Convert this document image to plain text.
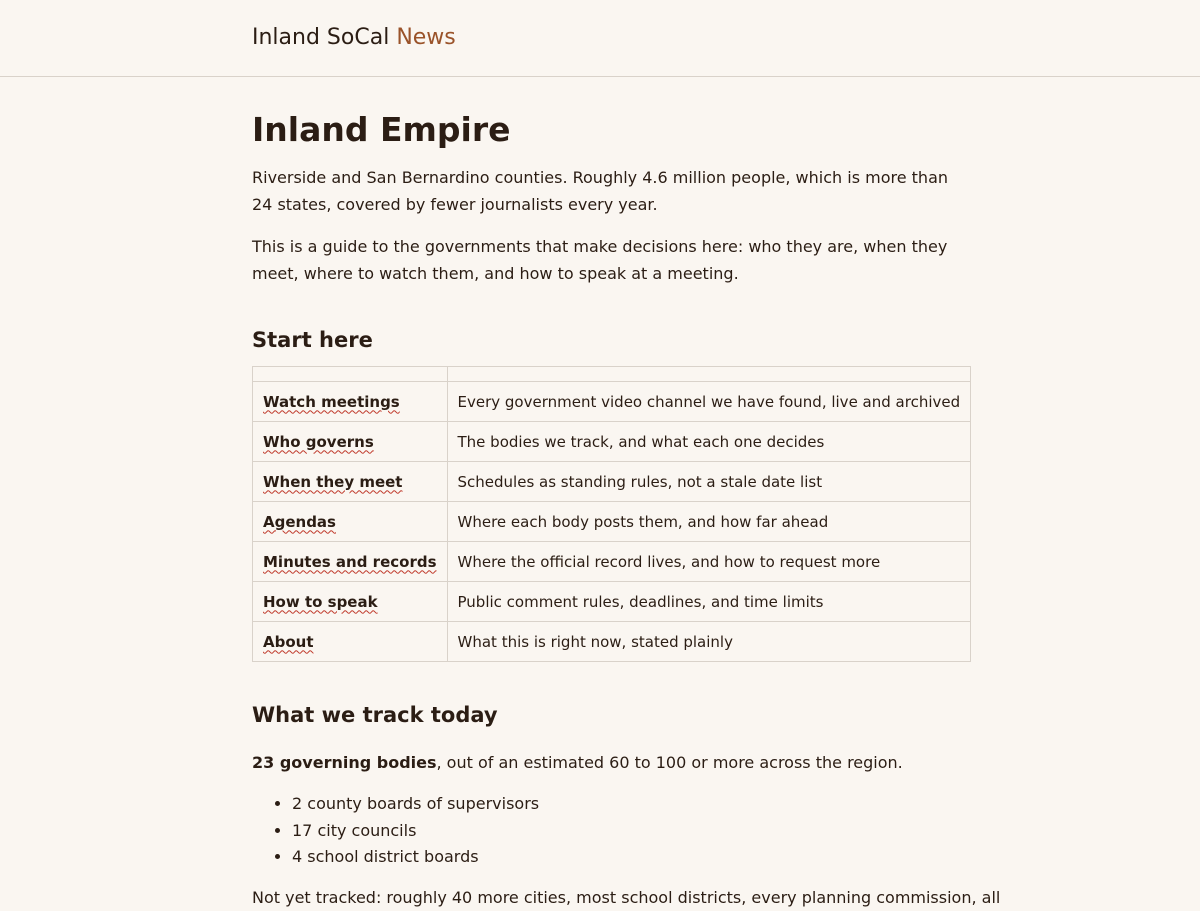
Inland SoCal News
Inland Empire

Riverside and San Bernardino counties. Roughly 4.6 million people, which is more than 24 states, covered by fewer journalists every year.

This is a guide to the governments that make decisions here: who they are, when they meet, where to watch them, and how to speak at a meeting.

Start here

Watch meetings	Every government video channel we have found, live and archived
Who governs	The bodies we track, and what each one decides
When they meet	Schedules as standing rules, not a stale date list
Agendas	Where each body posts them, and how far ahead
Minutes and records	Where the official record lives, and how to request more
How to speak	Public comment rules, deadlines, and time limits
About	What this is right now, stated plainly
What we track today

23 governing bodies, out of an estimated 60 to 100 or more across the region.

• 2 county boards of supervisors
• 17 city councils
• 4 school district boards

Not yet tracked: roughly 40 more cities, most school districts, every planning commission, all
